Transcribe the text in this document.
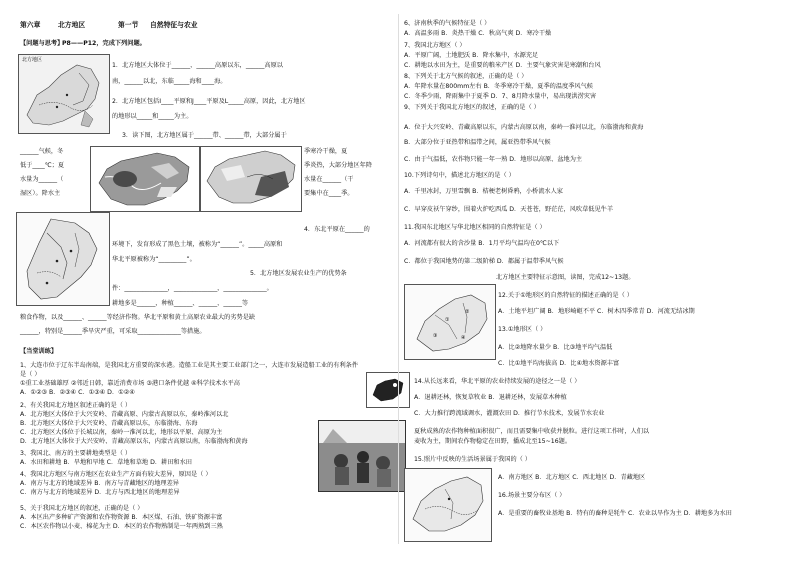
第六章	北方地区	第一节 自然特征与农业
【问题与思考】
P8——P12，完成下列问题。
北方地区
1．北方地区大体位于______、______高原以东，______高原以
南，______以北，东临_____海和____海。
2．北方地区包括I____平原和J____平原及L_____高原，因此，北方地区
的地形以_____和_____为主。
3．读下图，北方地区属于______带、______带，大部分属于
______气候，冬	季寒冷干燥，夏
低于____℃；夏	季炎热，大部分地区年降
水量为______（	水量在______（干
湿区）。降水主	要集中在____季。
4．东北平原在______的
环境下，发育形成了黑色土壤，被称为“______”。_____高原和
华北平原被称为“_________”。
5．北方地区发展农业生产的优势条
件：______________，______________，______________。
耕地多是______，种植______、______、______等
粮食作物，以及______、______等经济作物。华北平原和黄土高原农业最大的劣势是缺
______，特别是______季旱灾严重，可采取______________等措施。
【当堂训练】
1、大连市位于辽东半岛南端，是我国北方重要的深水港。造船工业是其主要工业部门之一，大连市发展造船工业的有利条件
是（ ）
①重工业基础雄厚 ②邻近日韩，靠近消费市场 ③港口条件优越 ④科学技术水平高
A．①②③ B．②③④ C．①③④ D．①②④
2、有关我国北方地区叙述正确的是（ ）
A．北方地区大体位于大兴安岭、青藏高原、内蒙古高原以东，秦岭淮河以北
B．北方地区大体位于大兴安岭、青藏高原以东，东临渤海、东海
C．北方地区大体位于长城以南，秦岭一淮河以北，地形以平原、高原为主
D．北方地区大体位于大兴安岭、青藏高原以东，内蒙古高原以南，东临渤海和黄海
3、我国北、南方的主要耕地类型是（ ）
A．水田和耕地 B．旱地和旱地 C．草地和草地 D．耕田和水田
4、我国北方地区与南方地区在农业生产方面有较大差异，原因是（ ）
A．南方与北方的地域差异 B．南方与青藏地区的地理差异
C．南方与北方的地域差异 D．北方与西北地区的地理差异
5、关于我国北方地区的叙述，正确的是（ ）
A．本区出产多种矿产资源和农作物资源 B．本区煤、石油、铁矿资源丰富
C．本区农作物以小麦、棉花为主 D．本区的农作物熟制是一年两熟到三熟
6、济南秋季的气候特征是（ ）
A．高温多雨 B．炎热干燥 C．秋高气爽 D．寒冷干燥
7、我国北方地区（ ）
A．平原广阔，土地肥沃 B．降水集中，水源充足
C．耕地以水田为主，是重要的粮米产区 D．主要气象灾害是寒潮和台风
8、下列关于北方气候的叙述，正确的是（ ）
A．年降水量在800mm左右 B．冬季寒冷干燥，夏季的温度季风气候
C．冬季少雨，降雨集中于夏季 D．7、8月降水量中，易出现洪涝灾害
9、下列关于我国北方地区的叙述，正确的是（ ）
A．位于大兴安岭、青藏高原以东，内蒙古高原以南，秦岭一淮河以北，东临渤海和黄海
B．大部分位于亚热带和温带之间，属亚热带季风气候
C．由于气温低，农作物只能一年一熟 D．地形以高原、盆地为主
10.下列诗句中，描述北方地区的是（ ）
A．千里冰封，万里雪飘 B．桔梗老树昏鸦，小桥流水人家
C．早穿皮袄午穿纱，围着火炉吃西瓜 D．天苍苍，野茫茫，风吹草低见牛羊
11.我国东北地区与华北地区相同的自然特征是（ ）
A．河流都有很大的含沙量 B．1月平均气温均在0℃以下
C．都位于我国地势的第二级阶梯 D．都属于温带季风气候
北方地区主要特征示意图，读图，完成12~13题。
①
②
③	④
12.关于①地形区的自然特征的描述正确的是（ ）
A．土地平坦广阔 B．地形崎岖不平 C．树木四季常青 D．河流无结冰期
13.①地形区（ ）
A．比②地降水量少 B．比③地平均气温低
C．比①地平均海拔高 D．比④地水资源丰富
14.从长远来看，华北平原的农业持续发展的途径之一是（ ）
A．退耕还林，恢复草牧业 B．退耕还林，发展草木种植
C．大力推行跨流域调水，灌溉农田 D．推行节水技术，发展节水农业
夏秋成熟的农作物种植面积很广，而且需要集中收获并脱粒。进行这项工作时，人们以
麦收为主，期间农作物稳定在田野，播成北至15~16题。
15.照片中反映的生活场景属于我国的（ ）
A．南方地区 B．北方地区 C．西北地区 D．青藏地区
16.场景主要分布区（ ）
A．是重要的畜牧业基地 B．特有的畜种是牦牛 C．农业以旱作为主 D．耕地多为水田
